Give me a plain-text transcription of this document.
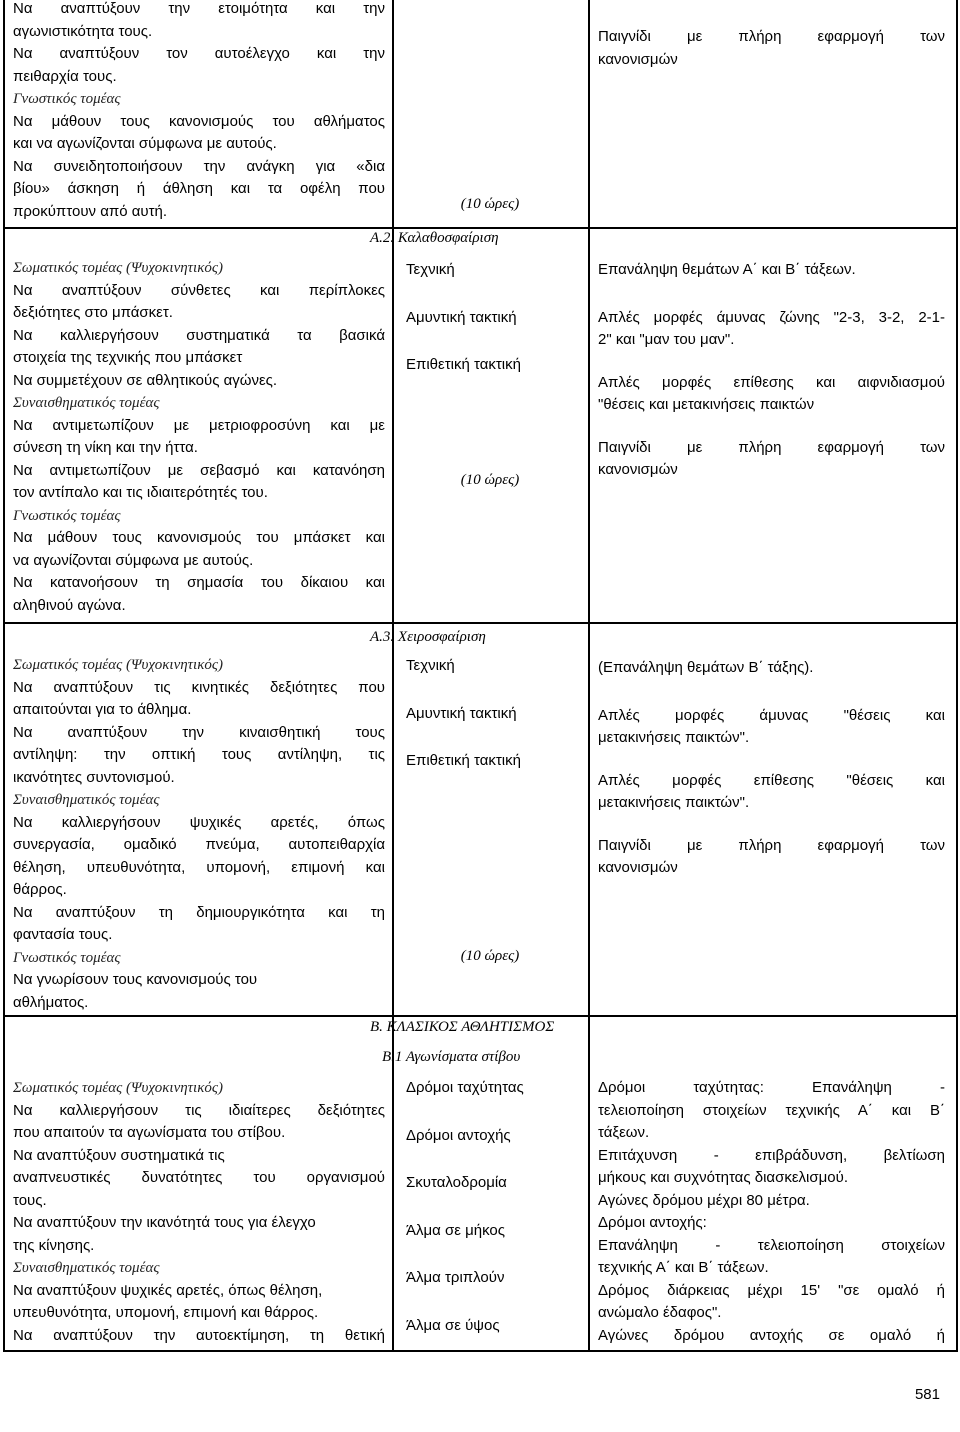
Να αναπτύξουν την ετοιμότητα και την

αγωνιστικότητα τους.

Να αναπτύξουν τον αυτοέλεγχο και την

πειθαρχία τους.

Γνωστικός τομέας

Να μάθουν τους κανονισμούς του αθλήματος

και να αγωνίζονται σύμφωνα με αυτούς.

Να συνειδητοποιήσουν την ανάγκη για «δια

βίου» άσκηση ή άθληση και τα οφέλη που

προκύπτουν από αυτή.

Σωματικός τομέας (Ψυχοκινητικός)

Να αναπτύξουν σύνθετες και περίπλοκες

δεξιότητες στο μπάσκετ.

Να καλλιεργήσουν συστηματικά τα βασικά

στοιχεία της τεχνικής που μπάσκετ

Να συμμετέχουν σε αθλητικούς αγώνες.

Συναισθηματικός τομέας

Να αντιμετωπίζουν με μετριοφροσύνη και με

σύνεση τη νίκη και την ήττα.

Να αντιμετωπίζουν με σεβασμό και κατανόηση

τον αντίπαλο και τις ιδιαιτερότητές του.

Γνωστικός τομέας

Να μάθουν τους κανονισμούς του μπάσκετ και

να αγωνίζονται σύμφωνα με αυτούς.

Να κατανοήσουν τη σημασία του δίκαιου και

αληθινού αγώνα.

Σωματικός τομέας (Ψυχοκινητικός)

Να αναπτύξουν τις κινητικές δεξιότητες που

απαιτούνται για το άθλημα.

Να αναπτύξουν την κιναισθητική τους

αντίληψη: την οπτική τους αντίληψη, τις

ικανότητες συντονισμού.

Συναισθηματικός τομέας

Να καλλιεργήσουν ψυχικές αρετές, όπως

συνεργασία, ομαδικό πνεύμα, αυτοπειθαρχία

θέληση, υπευθυνότητα, υπομονή, επιμονή και

θάρρος.

Να αναπτύξουν τη δημιουργικότητα και τη

φαντασία τους.

Γνωστικός τομέας

Να γνωρίσουν τους κανονισμούς του

αθλήματος.

Σωματικός τομέας (Ψυχοκινητικός)

Να καλλιεργήσουν τις ιδιαίτερες δεξιότητες

που απαιτούν τα αγωνίσματα του στίβου.

Να αναπτύξουν συστηματικά τις

αναπνευστικές δυνατότητες του οργανισμού

τους.

Να αναπτύξουν την ικανότητά τους για έλεγχο

της κίνησης.

Συναισθηματικός τομέας

Να αναπτύξουν ψυχικές αρετές, όπως θέληση,

υπευθυνότητα, υπομονή, επιμονή και θάρρος.

Να αναπτύξουν την αυτοεκτίμηση, τη θετική

(10 ώρες)
Α.2. Καλαθοσφαίριση

Τεχνική

Αμυντική τακτική

Επιθετική τακτική

(10 ώρες)
Α.3. Χειροσφαίριση

Τεχνική

Αμυντική τακτική

Επιθετική τακτική

(10 ώρες)
Β. ΚΛΑΣΙΚΟΣ ΑΘΛΗΤΙΣΜΟΣ
Β.1 Αγωνίσματα στίβου

Δρόμοι ταχύτητας

Δρόμοι αντοχής

Σκυταλοδρομία

Άλμα σε μήκος

Άλμα τριπλούν

Άλμα σε ύψος

Παιγνίδι με πλήρη εφαρμογή των

κανονισμών

Επανάληψη θεμάτων Α΄ και Β΄ τάξεων.

Απλές μορφές άμυνας ζώνης "2-3, 3-2, 2-1-

2" και "μαν του μαν".

Απλές μορφές επίθεσης και αιφνιδιασμού

"θέσεις και μετακινήσεις παικτών

Παιγνίδι με πλήρη εφαρμογή των

κανονισμών

(Επανάληψη θεμάτων Β΄ τάξης).

Απλές μορφές άμυνας "θέσεις και

μετακινήσεις παικτών".

Απλές μορφές επίθεσης "θέσεις και

μετακινήσεις παικτών".

Παιγνίδι με πλήρη εφαρμογή των

κανονισμών

Δρόμοι ταχύτητας: Επανάληψη -

τελειοποίηση στοιχείων τεχνικής Α΄ και Β΄

τάξεων.

Επιτάχυνση - επιβράδυνση, βελτίωση

μήκους και συχνότητας διασκελισμού.

Αγώνες δρόμου μέχρι 80 μέτρα.

Δρόμοι αντοχής:

Επανάληψη - τελειοποίηση στοιχείων

τεχνικής Α΄ και Β΄ τάξεων.

Δρόμος διάρκειας μέχρι 15' "σε ομαλό ή

ανώμαλο έδαφος".

Αγώνες δρόμου αντοχής σε ομαλό ή

581
